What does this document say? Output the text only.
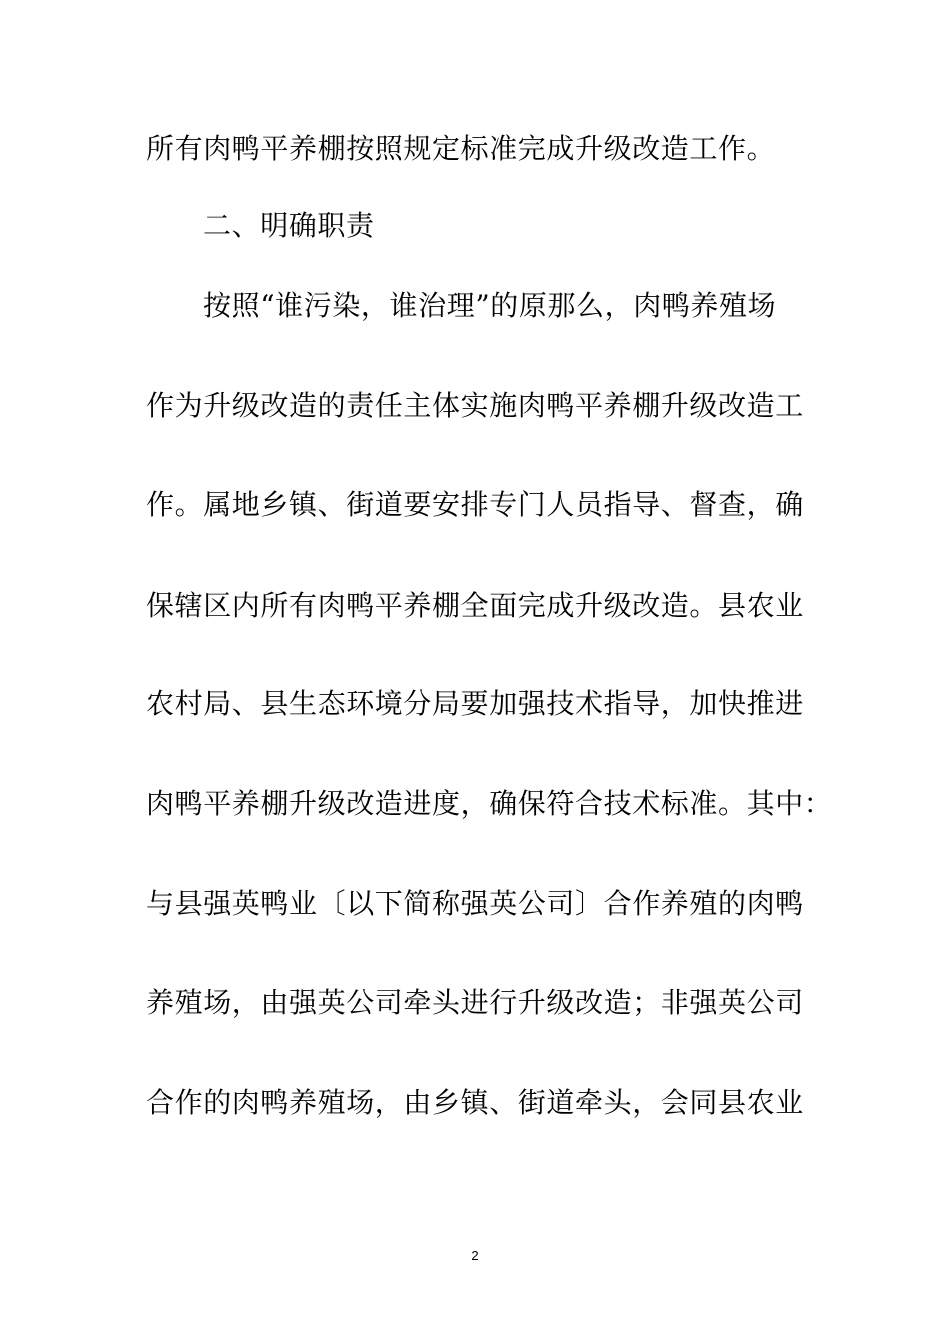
所有肉鸭平养棚按照规定标准完成升级改造工作。
二、明确职责
按照“谁污染，谁治理”的原那么，肉鸭养殖场
作为升级改造的责任主体实施肉鸭平养棚升级改造工
作。属地乡镇、街道要安排专门人员指导、督查，确
保辖区内所有肉鸭平养棚全面完成升级改造。县农业
农村局、县生态环境分局要加强技术指导，加快推进
肉鸭平养棚升级改造进度，确保符合技术标准。其中：
与县强英鸭业〔以下简称强英公司〕合作养殖的肉鸭
养殖场，由强英公司牵头进行升级改造；非强英公司
合作的肉鸭养殖场，由乡镇、街道牵头，会同县农业
2
